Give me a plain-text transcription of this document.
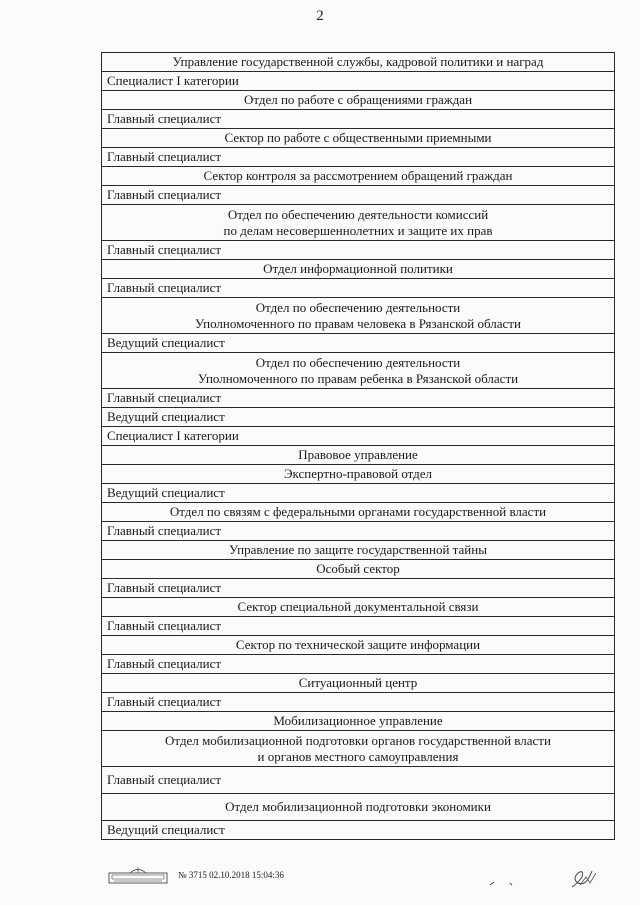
2
Управление государственной службы, кадровой политики и наград
Специалист I категории
Отдел по работе с обращениями граждан
Главный специалист
Сектор по работе с общественными приемными
Главный специалист
Сектор контроля за рассмотрением обращений граждан
Главный специалист

Отдел по обеспечению деятельности комиссий
по делам несовершеннолетних и защите их прав

Главный специалист
Отдел информационной политики
Главный специалист

Отдел по обеспечению деятельности
Уполномоченного по правам человека в Рязанской области

Ведущий специалист

Отдел по обеспечению деятельности
Уполномоченного по правам ребенка в Рязанской области

Главный специалист
Ведущий специалист
Специалист I категории
Правовое управление
Экспертно-правовой отдел
Ведущий специалист
Отдел по связям с федеральными органами государственной власти
Главный специалист
Управление по защите государственной тайны
Особый сектор
Главный специалист
Сектор специальной документальной связи
Главный специалист
Сектор по технической защите информации
Главный специалист
Ситуационный центр
Главный специалист
Мобилизационное управление

Отдел мобилизационной подготовки органов государственной власти
и органов местного самоуправления

Главный специалист
Отдел мобилизационной подготовки экономики
Ведущий специалист
№ 3715 02.10.2018 15:04:36
